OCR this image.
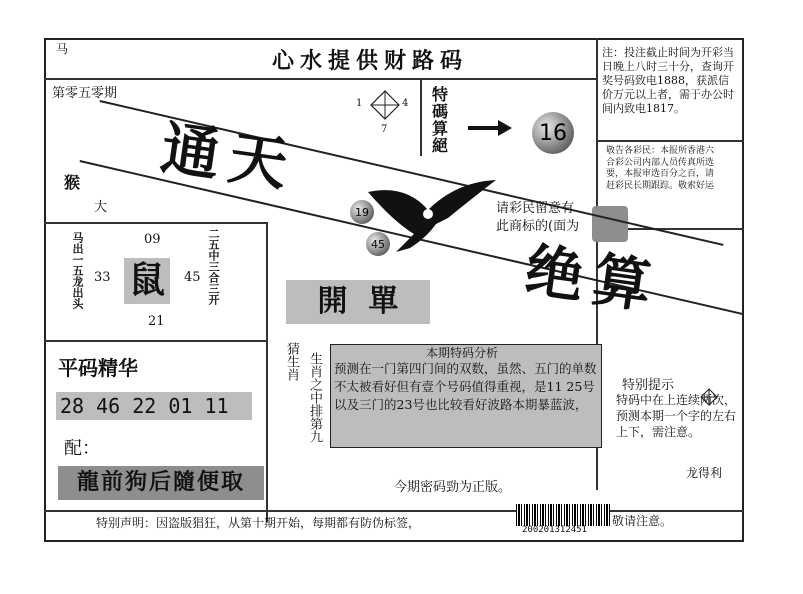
心水提供财路码
马
第零五零期
注：投注截止时间为开彩当日晚上八时三十分，查询开奖号码致电1888，获派信价万元以上者，需于办公时间内致电1817。
1	4
7
特碼算絕	16
敬告各彩民：本报所香港六合彩公司内部人员传真所选要，本报审选百分之百，请赶彩民长期跟踪。敬索好运
猴
大
通天
绝算
19
45
请彩民留意有此商标的(面为
马出一五龙出头	09
33 鼠	45
21
二五中三合三开	開  單
平码精华
28 46 22 01 11
配：
龍前狗后隨便取
猜生肖 生肖之中排第九	本期特码分析
预测在一门第四门间的双数，虽然、五门的单数不太被看好但有壹个号码值得重视，是11 25号以及三门的23号也比较看好波路本期暴蓝波，
特别提示
特码中在上连续两次，预测本期一个字的左右上下，需注意。
龙得利
今期密码勁为正版。
特别声明：因盗版猖狂，从第十期开始，每期都有防伪标签，	200201312451
敬请注意。
